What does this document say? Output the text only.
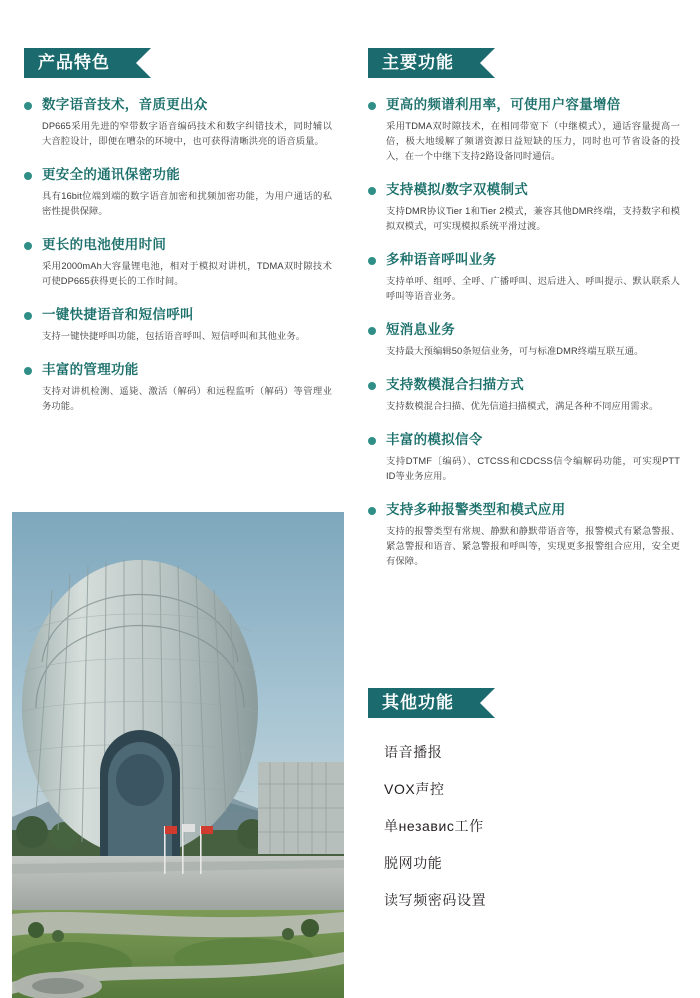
产品特色
数字语音技术，音质更出众
DP665采用先进的窄带数字语音编码技术和数字纠错技术，同时辅以大音腔设计，即便在嘈杂的环境中，也可获得清晰洪亮的语音质量。
更安全的通讯保密功能
具有16bit位端到端的数字语音加密和扰频加密功能，为用户通话的私密性提供保障。
更长的电池使用时间
采用2000mAh大容量锂电池，相对于模拟对讲机，TDMA双时隙技术可使DP665获得更长的工作时间。
一键快捷语音和短信呼叫
支持一键快捷呼叫功能，包括语音呼叫、短信呼叫和其他业务。
丰富的管理功能
支持对讲机检测、遥毙、激活（解码）和远程监听（解码）等管理业务功能。
主要功能
更高的频谱利用率，可使用户容量增倍
采用TDMA双时隙技术，在相同带宽下（中继模式），通话容量提高一倍，极大地缓解了频谱资源日益短缺的压力，同时也可节省设备的投入，在一个中继下支持2路设备同时通信。
支持模拟/数字双模制式
支持DMR协议Tier 1和Tier 2模式，兼容其他DMR终端，支持数字和模拟双模式，可实现模拟系统平滑过渡。
多种语音呼叫业务
支持单呼、组呼、全呼、广播呼叫、迟后进入、呼叫提示、默认联系人呼叫等语音业务。
短消息业务
支持最大预编辑50条短信业务，可与标准DMR终端互联互通。
支持数模混合扫描方式
支持数模混合扫描、优先信道扫描模式，满足各种不同应用需求。
丰富的模拟信令
支持DTMF〔编码）、CTCSS和CDCSS信令编解码功能，可实现PTT ID等业务应用。
支持多种报警类型和模式应用
支持的报警类型有常规、静默和静默带语音等，报警模式有紧急警报、紧急警报和语音、紧急警报和呼叫等，实现更多报警组合应用，安全更有保障。
其他功能
语音播报
VOX声控
单независ工作
脱网功能
读写频密码设置
